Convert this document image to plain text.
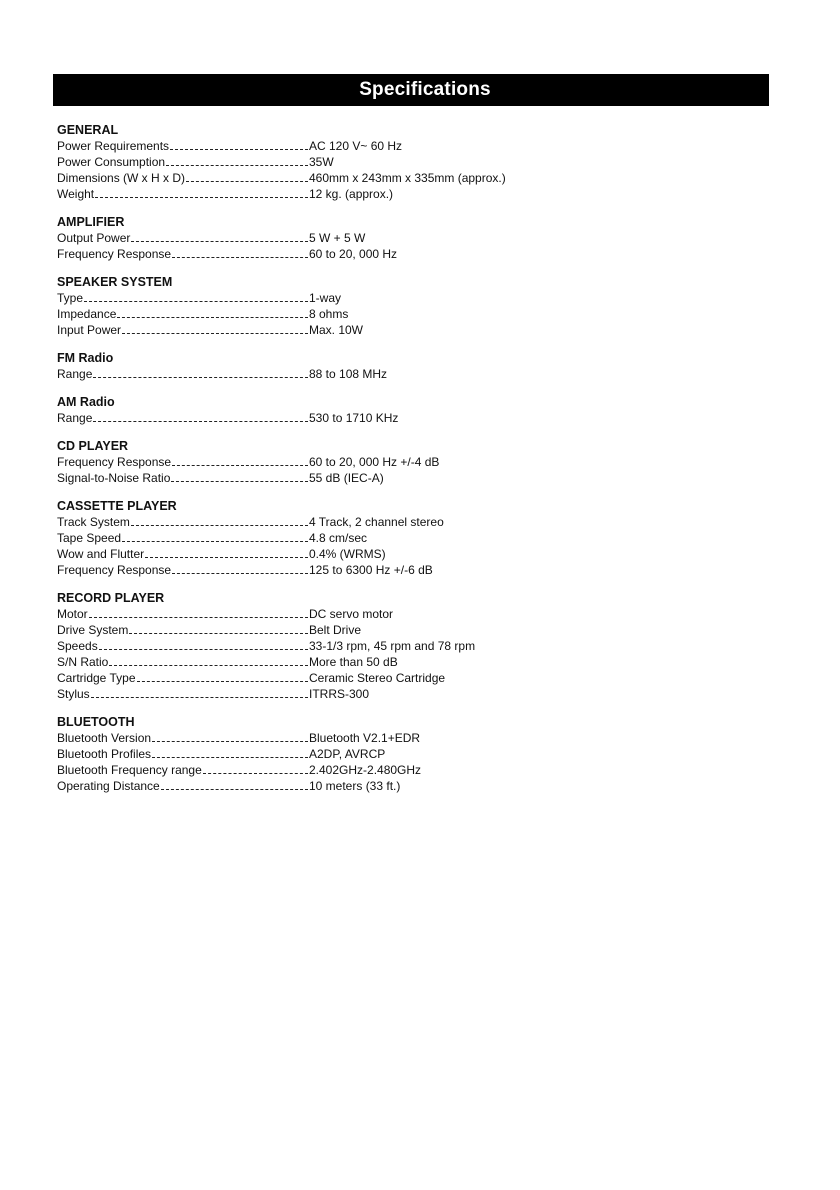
Specifications
GENERAL
Power Requirements	AC 120 V~ 60 Hz
Power Consumption	35W
Dimensions (W x H x D)	460mm x 243mm x 335mm (approx.)
Weight	12 kg. (approx.)
AMPLIFIER
Output Power	5 W + 5 W
Frequency Response	60 to 20, 000 Hz
SPEAKER SYSTEM
Type	1-way
Impedance	8 ohms
Input Power	Max. 10W
FM Radio
Range	88 to 108 MHz
AM Radio
Range	530 to 1710 KHz
CD PLAYER
Frequency Response	60 to 20, 000 Hz +/-4 dB
Signal-to-Noise Ratio	55 dB (IEC-A)
CASSETTE PLAYER
Track System	4 Track, 2 channel stereo
Tape Speed	4.8 cm/sec
Wow and Flutter	0.4% (WRMS)
Frequency Response	125 to 6300 Hz +/-6 dB
RECORD PLAYER
Motor	DC servo motor
Drive System	Belt Drive
Speeds	33-1/3 rpm, 45 rpm and 78 rpm
S/N Ratio	More than 50 dB
Cartridge Type	Ceramic Stereo Cartridge
Stylus	ITRRS-300
BLUETOOTH
Bluetooth Version	Bluetooth V2.1+EDR
Bluetooth Profiles	A2DP, AVRCP
Bluetooth Frequency range	2.402GHz-2.480GHz
Operating Distance	10 meters (33 ft.)
